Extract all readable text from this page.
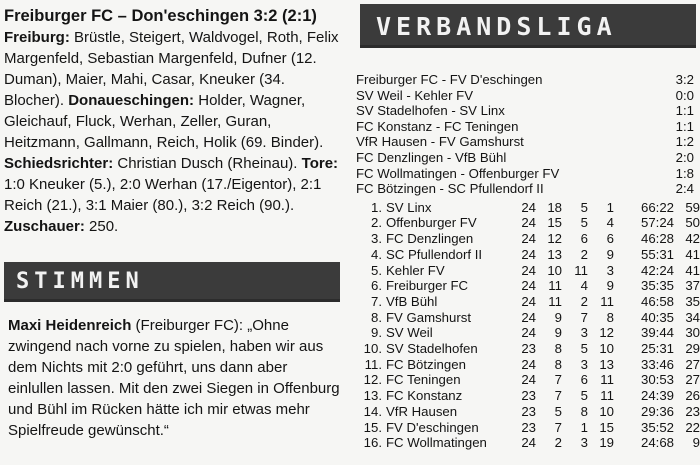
Freiburger FC – Don'eschingen 3:2 (2:1)

Freiburg: Brüstle, Steigert, Waldvogel, Roth, Felix Margenfeld, Sebastian Margenfeld, Dufner (12. Duman), Maier, Mahi, Casar, Kneuker (34. Blocher). Donaueschingen: Holder, Wagner, Gleichauf, Fluck, Werhan, Zeller, Guran, Heitzmann, Gallmann, Reich, Holik (69. Binder). Schiedsrichter: Christian Dusch (Rheinau). Tore: 1:0 Kneuker (5.), 2:0 Werhan (17./Eigentor), 2:1 Reich (21.), 3:1 Maier (80.), 3:2 Reich (90.). Zuschauer: 250.

STIMMEN

Maxi Heidenreich (Freiburger FC): „Ohne zwingend nach vorne zu spielen, haben wir aus dem Nichts mit 2:0 geführt, uns dann aber einlullen lassen. Mit den zwei Siegen in Offenburg und Bühl im Rücken hätte ich mir etwas mehr Spielfreude gewünscht.“

VERBANDSLIGA
Freiburger FC - FV D'eschingen	3:2
SV Weil - Kehler FV	0:0
SV Stadelhofen - SV Linx	1:1
FC Konstanz - FC Teningen	1:1
VfR Hausen - FV Gamshurst	1:2
FC Denzlingen - VfB Bühl	2:0
FC Wollmatingen - Offenburger FV	1:8
FC Bötzingen - SC Pfullendorf II	2:4
1.	SV Linx	24	18	5	1	66:22	59
2.	Offenburger FV	24	15	5	4	57:24	50
3.	FC Denzlingen	24	12	6	6	46:28	42
4.	SC Pfullendorf II	24	13	2	9	55:31	41
5.	Kehler FV	24	10	11	3	42:24	41
6.	Freiburger FC	24	11	4	9	35:35	37
7.	VfB Bühl	24	11	2	11	46:58	35
8.	FV Gamshurst	24	9	7	8	40:35	34
9.	SV Weil	24	9	3	12	39:44	30
10.	SV Stadelhofen	23	8	5	10	25:31	29
11.	FC Bötzingen	24	8	3	13	33:46	27
12.	FC Teningen	24	7	6	11	30:53	27
13.	FC Konstanz	23	7	5	11	24:39	26
14.	VfR Hausen	23	5	8	10	29:36	23
15.	FV D'eschingen	23	7	1	15	35:52	22
16.	FC Wollmatingen	24	2	3	19	24:68	9
